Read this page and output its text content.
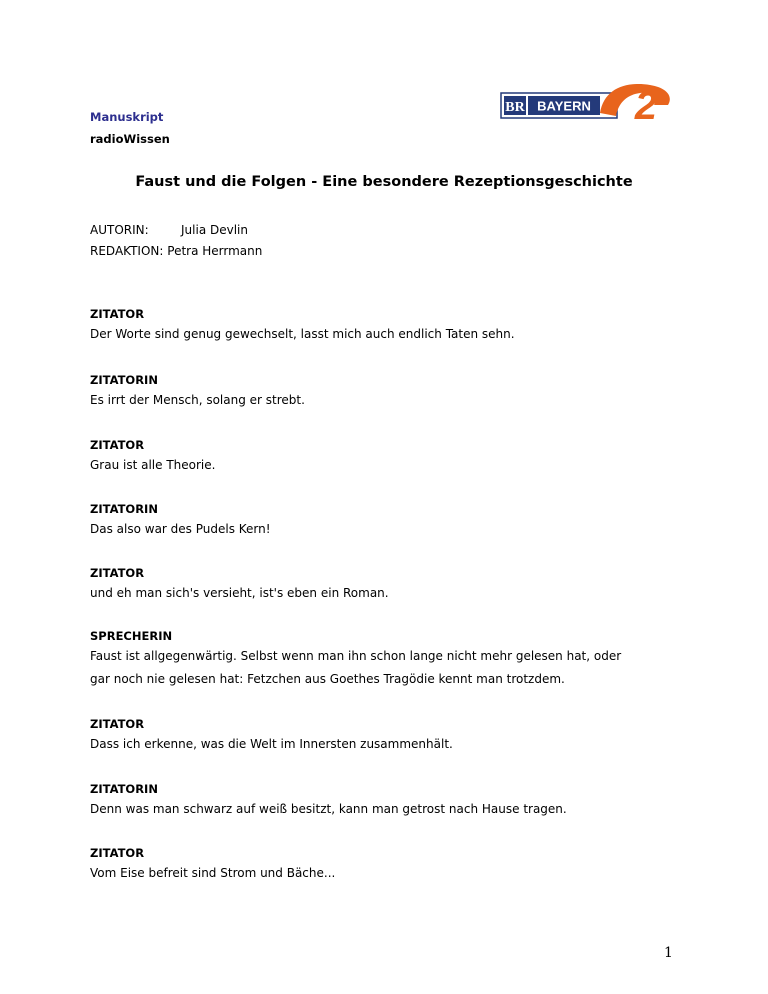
Manuskript
radioWissen
BR BAYERN 2
Faust und die Folgen - Eine besondere Rezeptionsgeschichte
AUTORIN:	Julia Devlin
REDAKTION: Petra Herrmann

ZITATOR

Der Worte sind genug gewechselt, lasst mich auch endlich Taten sehn.

ZITATORIN

Es irrt der Mensch, solang er strebt.

ZITATOR

Grau ist alle Theorie.

ZITATORIN

Das also war des Pudels Kern!

ZITATOR

und eh man sich's versieht, ist's eben ein Roman.

SPRECHERIN

Faust ist allgegenwärtig. Selbst wenn man ihn schon lange nicht mehr gelesen hat, oder

gar noch nie gelesen hat: Fetzchen aus Goethes Tragödie kennt man trotzdem.

ZITATOR

Dass ich erkenne, was die Welt im Innersten zusammenhält.

ZITATORIN

Denn was man schwarz auf weiß besitzt, kann man getrost nach Hause tragen.

ZITATOR

Vom Eise befreit sind Strom und Bäche...

1
